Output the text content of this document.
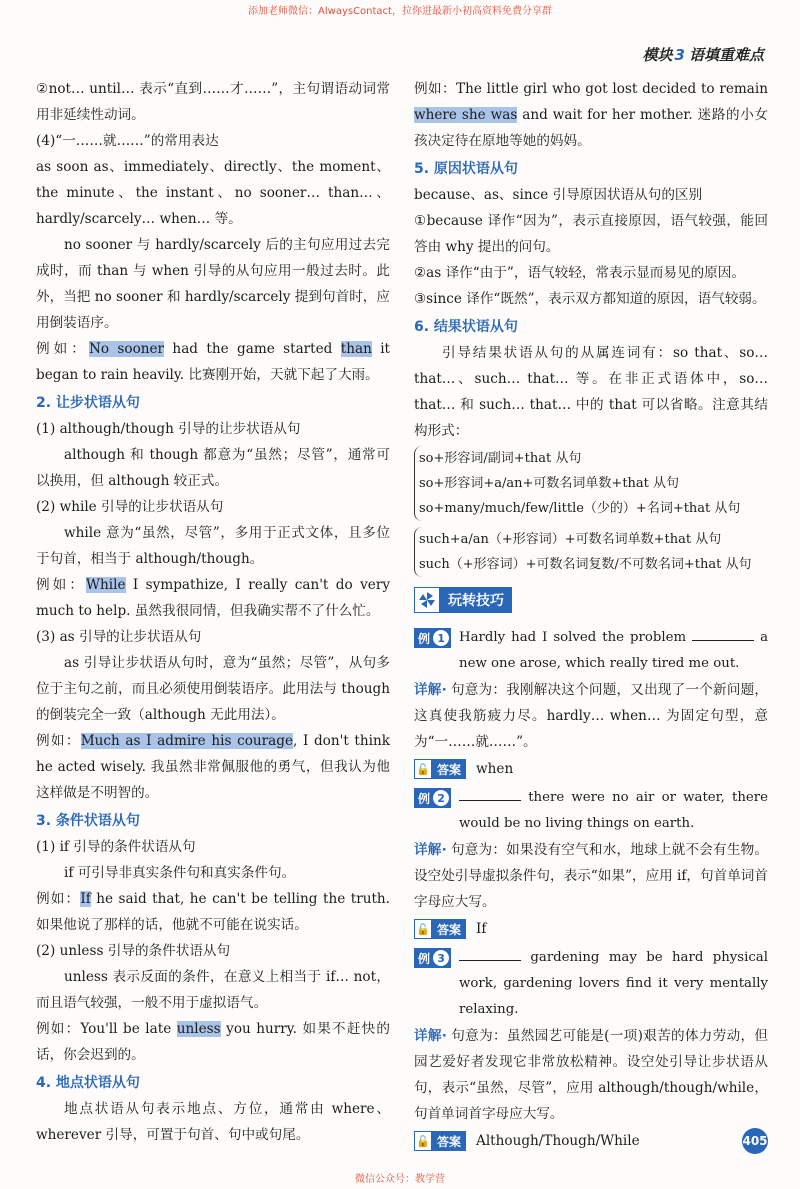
添加老师微信：AlwaysContact，拉你进最新小初高资料免费分享群
模块 3 语填重难点

②not… until… 表示“直到……才……”，主句谓语动词常用非延续性动词。

(4)“一……就……”的常用表达

as soon as、immediately、directly、the moment、the minute、the instant、no sooner… than…、hardly/scarcely… when… 等。

no sooner 与 hardly/scarcely 后的主句应用过去完成时，而 than 与 when 引导的从句应用一般过去时。此外，当把 no sooner 和 hardly/scarcely 提到句首时，应用倒装语序。

例如：No sooner had the game started than it began to rain heavily. 比赛刚开始，天就下起了大雨。

2. 让步状语从句

(1) although/though 引导的让步状语从句

although 和 though 都意为“虽然；尽管”，通常可以换用，但 although 较正式。

(2) while 引导的让步状语从句

while 意为“虽然，尽管”，多用于正式文体，且多位于句首，相当于 although/though。

例如：While I sympathize, I really can't do very much to help. 虽然我很同情，但我确实帮不了什么忙。

(3) as 引导的让步状语从句

as 引导让步状语从句时，意为“虽然；尽管”，从句多位于主句之前，而且必须使用倒装语序。此用法与 though 的倒装完全一致（although 无此用法）。

例如：Much as I admire his courage, I don't think he acted wisely. 我虽然非常佩服他的勇气，但我认为他这样做是不明智的。

3. 条件状语从句

(1) if 引导的条件状语从句

if 可引导非真实条件句和真实条件句。

例如：If he said that, he can't be telling the truth. 如果他说了那样的话，他就不可能在说实话。

(2) unless 引导的条件状语从句

unless 表示反面的条件，在意义上相当于 if… not，而且语气较强，一般不用于虚拟语气。

例如：You'll be late unless you hurry. 如果不赶快的话，你会迟到的。

4. 地点状语从句

地点状语从句表示地点、方位，通常由 where、wherever 引导，可置于句首、句中或句尾。

例如：The little girl who got lost decided to remain where she was and wait for her mother. 迷路的小女孩决定待在原地等她的妈妈。

5. 原因状语从句

because、as、since 引导原因状语从句的区别

①because 译作“因为”，表示直接原因，语气较强，能回答由 why 提出的问句。

②as 译作“由于”，语气较轻，常表示显而易见的原因。

③since 译作“既然”，表示双方都知道的原因，语气较弱。

6. 结果状语从句

引导结果状语从句的从属连词有：so that、so… that…、such… that… 等。在非正式语体中，so… that… 和 such… that… 中的 that 可以省略。注意其结构形式：

so+形容词/副词+that 从句

so+形容词+a/an+可数名词单数+that 从句

so+many/much/few/little（少的）+名词+that 从句

such+a/an（+形容词）+可数名词单数+that 从句

such（+形容词）+可数名词复数/不可数名词+that 从句

玩转技巧
例 1	Hardly had I solved the problem	a new one arose, which really tired me out.

详解· 句意为：我刚解决这个问题，又出现了一个新问题，这真使我筋疲力尽。hardly… when… 为固定句型，意为“一……就……”。

🔓 答案	when
例 2	there were no air or water, there would be no living things on earth.

详解· 句意为：如果没有空气和水，地球上就不会有生物。设空处引导虚拟条件句，表示“如果”，应用 if，句首单词首字母应大写。

🔓 答案	If
例 3	gardening may be hard physical work, gardening lovers find it very mentally relaxing.

详解· 句意为：虽然园艺可能是(一项)艰苦的体力劳动，但园艺爱好者发现它非常放松精神。设空处引导让步状语从句，表示“虽然，尽管”，应用 although/though/while，句首单词首字母应大写。

🔓 答案	Although/Though/While	405
微信公众号：教学营
